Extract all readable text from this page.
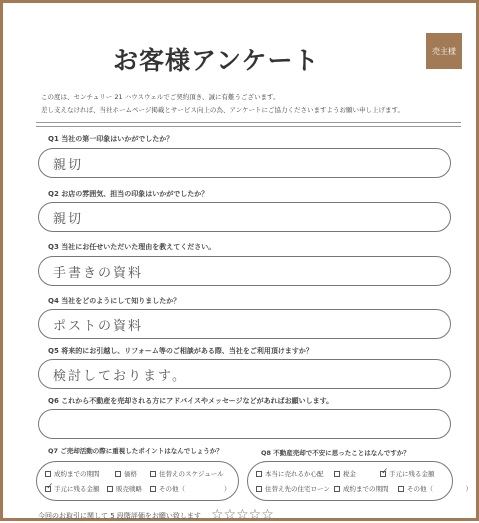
お客様アンケート	売主様
この度は、センチュリー 21 ハウスウェルでご契約頂き、誠に有難うございます。
差し支えなければ、当社ホームページ掲載とサービス向上の為、アンケートにご協力くださいますようお願い申し上げます。
Q1 当社の第一印象はいかがでしたか？
親切
Q2 お店の雰囲気、担当の印象はいかがでしたか？
親切
Q3 当社にお任せいただいた理由を教えてください。
手書きの資料
Q4 当社をどのようにして知りましたか？
ポストの資料
Q5 将来的にお引越し、リフォーム等のご相談がある際、当社をご利用頂けますか？
検討しております。
Q6 これから不動産を売却される方にアドバイスやメッセージなどがあればお願いします。
Q7 ご売却活動の際に重視したポイントはなんでしょうか？	Q8 不動産売却で不安に思ったことはなんですか？
成約までの期間	価格	住替えのスケジュール
✓ 手元に残る金額	販売戦略	その他（　　　　　　）
本当に売れるか心配	税金	✓ 手元に残る金額
住替え先の住宅ローン	成約までの期間	その他（　　　　　）
今回のお取引に関して 5 段階評価をお願い致します ☆☆☆☆☆
